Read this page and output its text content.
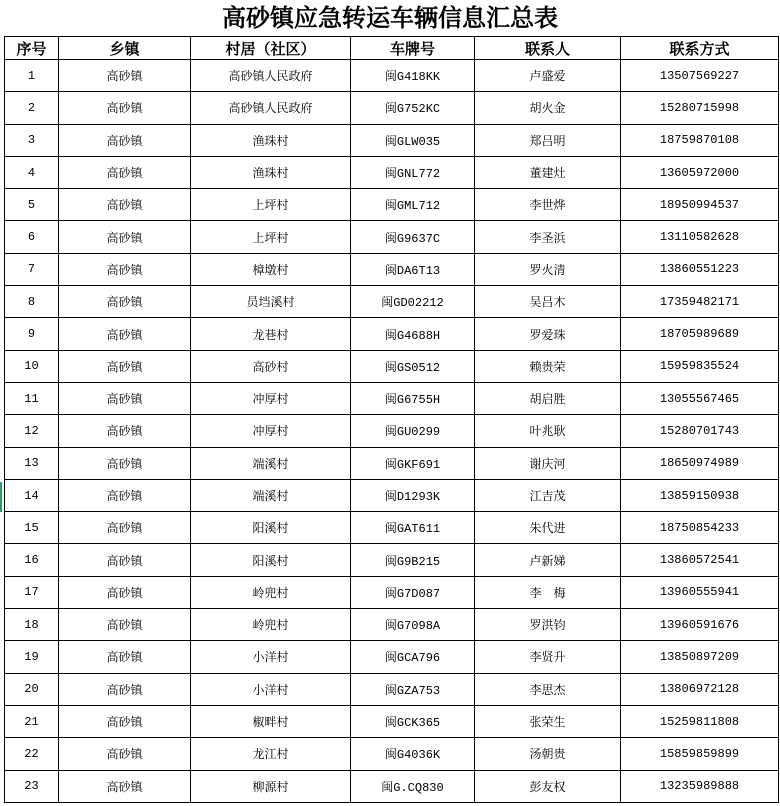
高砂镇应急转运车辆信息汇总表
序号	乡镇	村居（社区）	车牌号	联系人	联系方式
1	高砂镇	高砂镇人民政府	闽G418KK	卢盛爱	13507569227
2	高砂镇	高砂镇人民政府	闽G752KC	胡火金	15280715998
3	高砂镇	渔珠村	闽GLW035	郑吕明	18759870108
4	高砂镇	渔珠村	闽GNL772	董建灶	13605972000
5	高砂镇	上坪村	闽GML712	李世烨	18950994537
6	高砂镇	上坪村	闽G9637C	李圣浜	13110582628
7	高砂镇	樟墩村	闽DA6T13	罗火清	13860551223
8	高砂镇	员垱溪村	闽GD02212	吴吕木	17359482171
9	高砂镇	龙巷村	闽G4688H	罗爱珠	18705989689
10	高砂镇	高砂村	闽GS0512	赖贵荣	15959835524
11	高砂镇	冲厚村	闽G6755H	胡启胜	13055567465
12	高砂镇	冲厚村	闽GU0299	叶兆耿	15280701743
13	高砂镇	端溪村	闽GKF691	谢庆河	18650974989
14	高砂镇	端溪村	闽D1293K	江吉茂	13859150938
15	高砂镇	阳溪村	闽GAT611	朱代进	18750854233
16	高砂镇	阳溪村	闽G9B215	卢新娣	13860572541
17	高砂镇	岭兜村	闽G7D087	李　梅	13960555941
18	高砂镇	岭兜村	闽G7098A	罗洪钧	13960591676
19	高砂镇	小洋村	闽GCA796	李贤升	13850897209
20	高砂镇	小洋村	闽GZA753	李思杰	13806972128
21	高砂镇	椒畔村	闽GCK365	张荣生	15259811808
22	高砂镇	龙江村	闽G4036K	汤朝贵	15859859899
23	高砂镇	柳源村	闽G.CQ830	彭友权	13235989888
